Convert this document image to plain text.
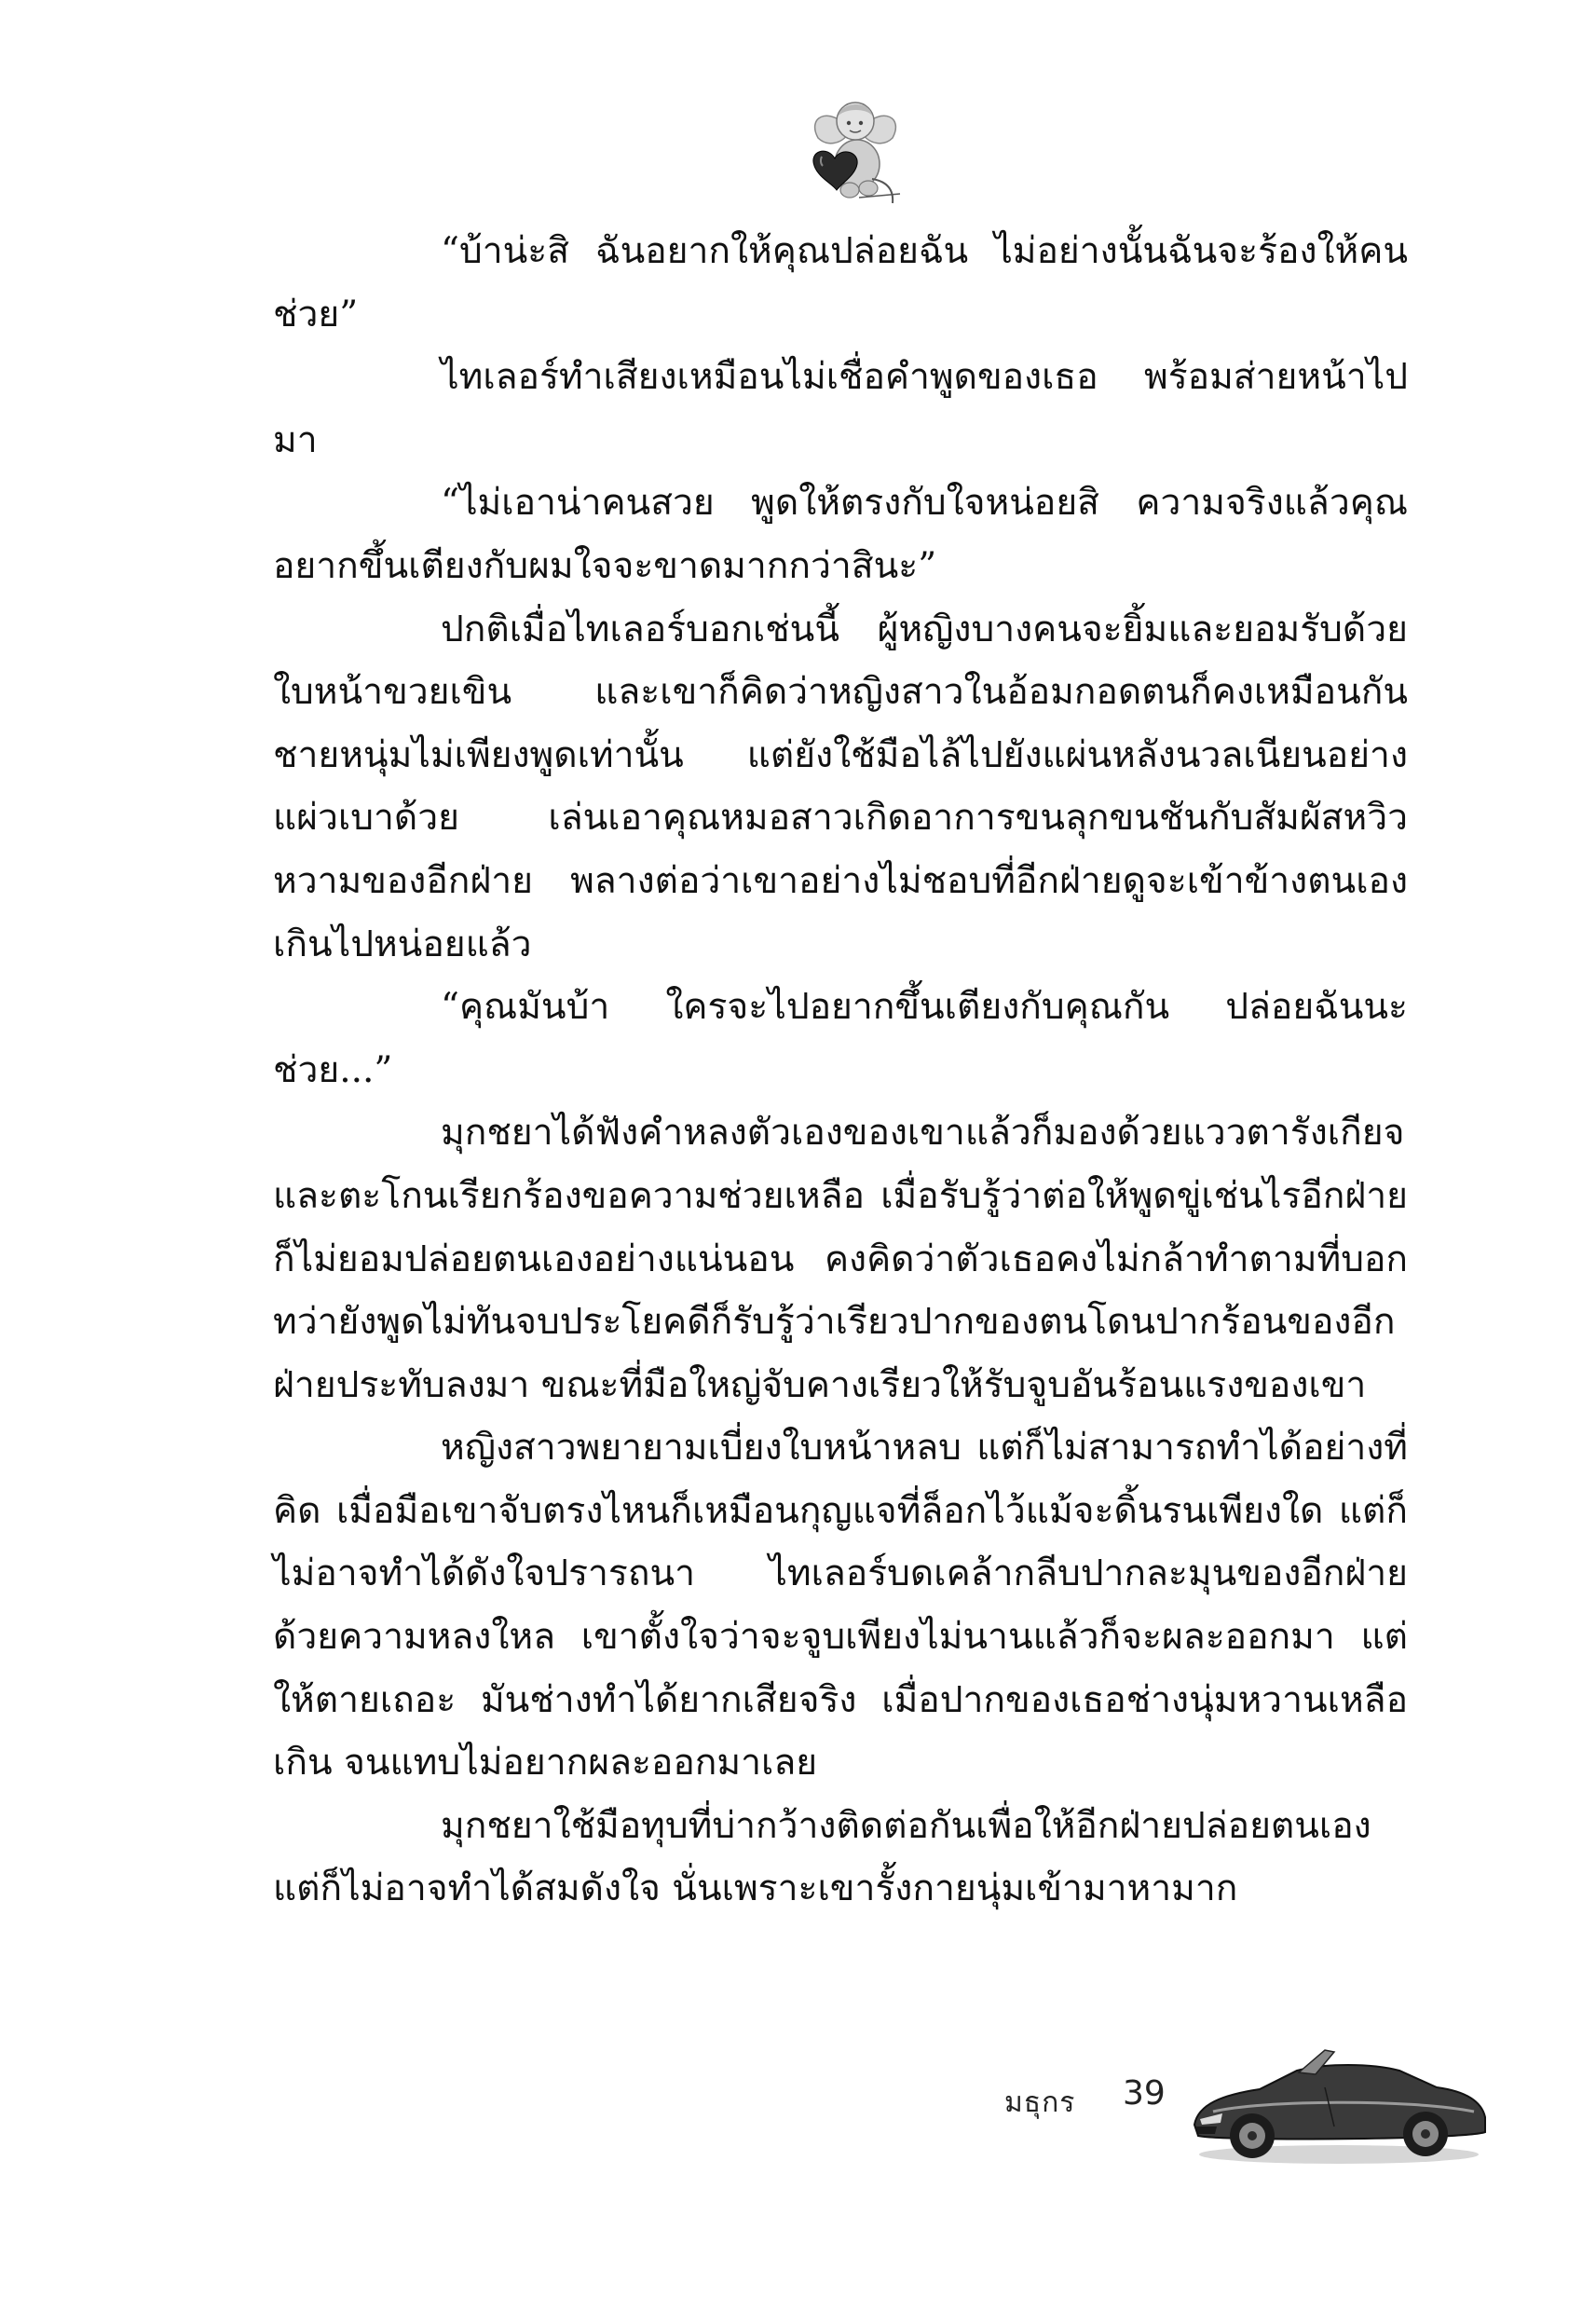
“บ้าน่ะสิ ฉันอยากให้คุณปล่อยฉัน ไม่อย่างนั้นฉันจะร้องให้คนช่วย”

ไทเลอร์ทำเสียงเหมือนไม่เชื่อคำพูดของเธอ พร้อมส่ายหน้าไปมา

“ไม่เอาน่าคนสวย พูดให้ตรงกับใจหน่อยสิ ความจริงแล้วคุณอยากขึ้นเตียงกับผมใจจะขาดมากกว่าสินะ”

ปกติเมื่อไทเลอร์บอกเช่นนี้ ผู้หญิงบางคนจะยิ้มและยอมรับด้วยใบหน้าขวยเขิน และเขาก็คิดว่าหญิงสาวในอ้อมกอดตนก็คงเหมือนกัน ชายหนุ่มไม่เพียงพูดเท่านั้น แต่ยังใช้มือไล้ไปยังแผ่นหลังนวลเนียนอย่างแผ่วเบาด้วย เล่นเอาคุณหมอสาวเกิดอาการขนลุกขนชันกับสัมผัสหวิวหวามของอีกฝ่าย พลางต่อว่าเขาอย่างไม่ชอบที่อีกฝ่ายดูจะเข้าข้างตนเองเกินไปหน่อยแล้ว

“คุณมันบ้า ใครจะไปอยากขึ้นเตียงกับคุณกัน ปล่อยฉันนะช่วย...”

มุกชยาได้ฟังคำหลงตัวเองของเขาแล้วก็มองด้วยแววตารังเกียจและตะโกนเรียกร้องขอความช่วยเหลือ เมื่อรับรู้ว่าต่อให้พูดขู่เช่นไรอีกฝ่ายก็ไม่ยอมปล่อยตนเองอย่างแน่นอน คงคิดว่าตัวเธอคงไม่กล้าทำตามที่บอก ทว่ายังพูดไม่ทันจบประโยคดีก็รับรู้ว่าเรียวปากของตนโดนปากร้อนของอีกฝ่ายประทับลงมา ขณะที่มือใหญ่จับคางเรียวให้รับจูบอันร้อนแรงของเขา

หญิงสาวพยายามเบี่ยงใบหน้าหลบ แต่ก็ไม่สามารถทำได้อย่างที่คิด เมื่อมือเขาจับตรงไหนก็เหมือนกุญแจที่ล็อกไว้แม้จะดิ้นรนเพียงใด แต่ก็ไม่อาจทำได้ดังใจปรารถนา ไทเลอร์บดเคล้ากลีบปากละมุนของอีกฝ่ายด้วยความหลงใหล เขาตั้งใจว่าจะจูบเพียงไม่นานแล้วก็จะผละออกมา แต่ให้ตายเถอะ มันช่างทำได้ยากเสียจริง เมื่อปากของเธอช่างนุ่มหวานเหลือเกิน จนแทบไม่อยากผละออกมาเลย

มุกชยาใช้มือทุบที่บ่ากว้างติดต่อกันเพื่อให้อีกฝ่ายปล่อยตนเอง แต่ก็ไม่อาจทำได้สมดังใจ นั่นเพราะเขารั้งกายนุ่มเข้ามาหามาก

มธุกร 39
